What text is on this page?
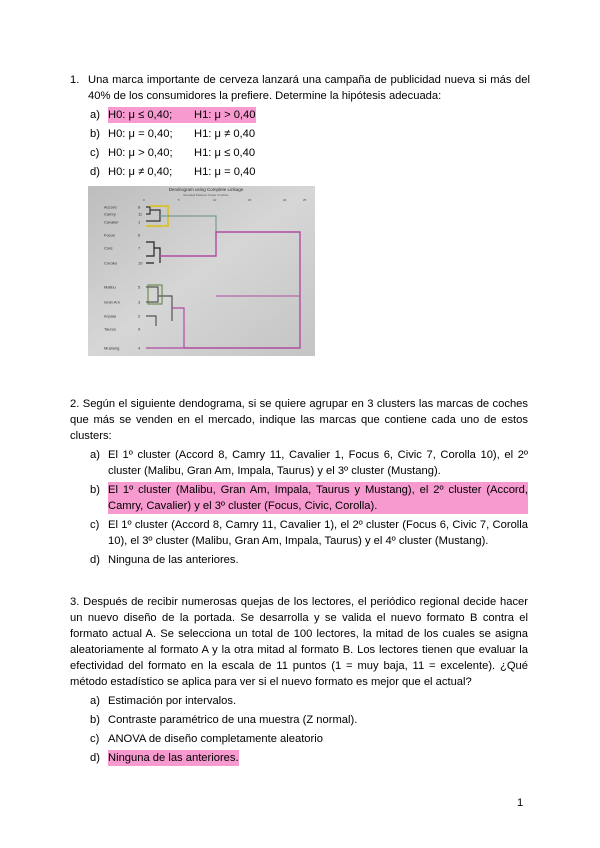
1. Una marca importante de cerveza lanzará una campaña de publicidad nueva si más del 40% de los consumidores la prefiere. Determine la hipótesis adecuada:
a) H0: μ ≤ 0,40; H1: μ > 0,40
b) H0: μ = 0,40;	H1: μ ≠ 0,40
c) H0: μ > 0,40;	H1: μ ≤ 0,40
d) H0: μ ≠ 0,40;	H1: μ = 0,40
Dendrogram using Complete Linkage
Rescaled Distance Cluster Combine
0	5	10	15	20	25
Accord	8
Camry	11
Cavalier	1
Focus	6
Civic	7
Corolla	10
Malibu	5
Gran Am	3
Impala	2
Taurus	9
Mustang	4
2. Según el siguiente dendograma, si se quiere agrupar en 3 clusters las marcas de coches que más se venden en el mercado, indique las marcas que contiene cada uno de estos clusters:
a) El 1º cluster (Accord 8, Camry 11, Cavalier 1, Focus 6, Civic 7, Corolla 10), el 2º cluster (Malibu, Gran Am, Impala, Taurus) y el 3º cluster (Mustang).
b) El 1º cluster (Malibu, Gran Am, Impala, Taurus y Mustang), el 2º cluster (Accord, Camry, Cavalier) y el 3º cluster (Focus, Civic, Corolla).
c) El 1º cluster (Accord 8, Camry 11, Cavalier 1), el 2º cluster (Focus 6, Civic 7, Corolla 10), el 3º cluster (Malibu, Gran Am, Impala, Taurus) y el 4º cluster (Mustang).
d) Ninguna de las anteriores.
3. Después de recibir numerosas quejas de los lectores, el periódico regional decide hacer un nuevo diseño de la portada. Se desarrolla y se valida el nuevo formato B contra el formato actual A. Se selecciona un total de 100 lectores, la mitad de los cuales se asigna aleatoriamente al formato A y la otra mitad al formato B. Los lectores tienen que evaluar la efectividad del formato en la escala de 11 puntos (1 = muy baja, 11 = excelente). ¿Qué método estadístico se aplica para ver si el nuevo formato es mejor que el actual?
a) Estimación por intervalos.
b) Contraste paramétrico de una muestra (Z normal).
c) ANOVA de diseño completamente aleatorio
d) Ninguna de las anteriores.
1
